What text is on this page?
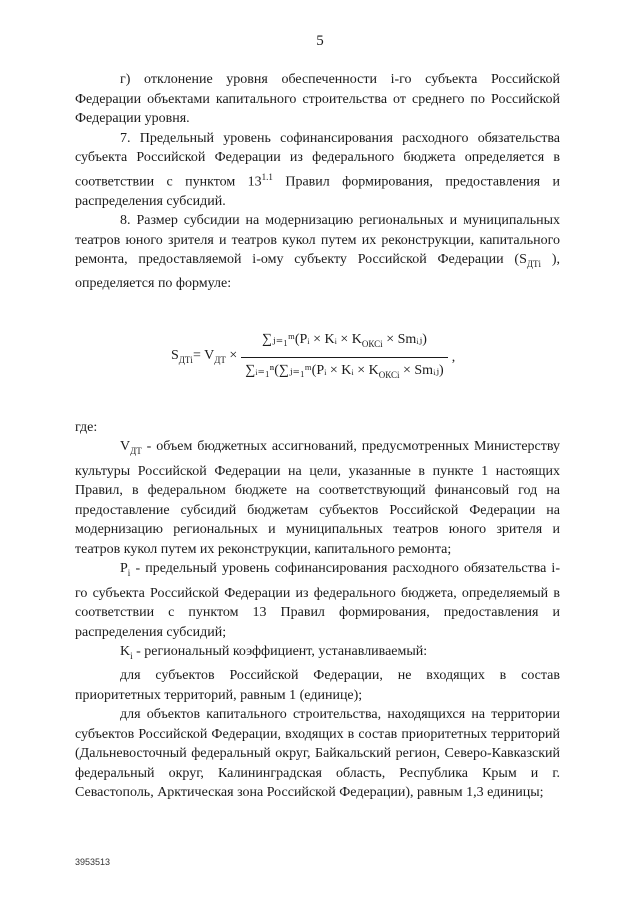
5

г) отклонение уровня обеспеченности i-го субъекта Российской Федерации объектами капитального строительства от среднего по Российской Федерации уровня.

7. Предельный уровень софинансирования расходного обязательства субъекта Российской Федерации из федерального бюджета определяется в соответствии с пунктом $13^{1.1}$ Правил формирования, предоставления и распределения субсидий.

8. Размер субсидии на модернизацию региональных и муниципальных театров юного зрителя и театров кукол путем их реконструкции, капитального ремонта, предоставляемой i-ому субъекту Российской Федерации ($S_{ДТi}$ ), определяется по формуле:

$S_{ДТi} = V_{ДТ} \times \frac{\sum ⱼ_{=1}ᵐ(Pᵢ \times Kᵢ \times K_{ОКСi} \times Smᵢⱼ)}{\sum ᵢ_{=1}^n(\sum ⱼ_{=1}ᵐ(Pᵢ \times Kᵢ \times K_{ОКСi} \times Smᵢⱼ)}$ ,

где:

$V_{ДТ}$ - объем бюджетных ассигнований, предусмотренных Министерству культуры Российской Федерации на цели, указанные в пункте 1 настоящих Правил, в федеральном бюджете на соответствующий финансовый год на предоставление субсидий бюджетам субъектов Российской Федерации на модернизацию региональных и муниципальных театров юного зрителя и театров кукол путем их реконструкции, капитального ремонта;

$P_i$ - предельный уровень софинансирования расходного обязательства i-го субъекта Российской Федерации из федерального бюджета, определяемый в соответствии с пунктом 13 Правил формирования, предоставления и распределения субсидий;

$K_i$ - региональный коэффициент, устанавливаемый:

для субъектов Российской Федерации, не входящих в состав приоритетных территорий, равным 1 (единице);

для объектов капитального строительства, находящихся на территории субъектов Российской Федерации, входящих в состав приоритетных территорий (Дальневосточный федеральный округ, Байкальский регион, Северо-Кавказский федеральный округ, Калининградская область, Республика Крым и г. Севастополь, Арктическая зона Российской Федерации), равным 1,3 единицы;

3953513
